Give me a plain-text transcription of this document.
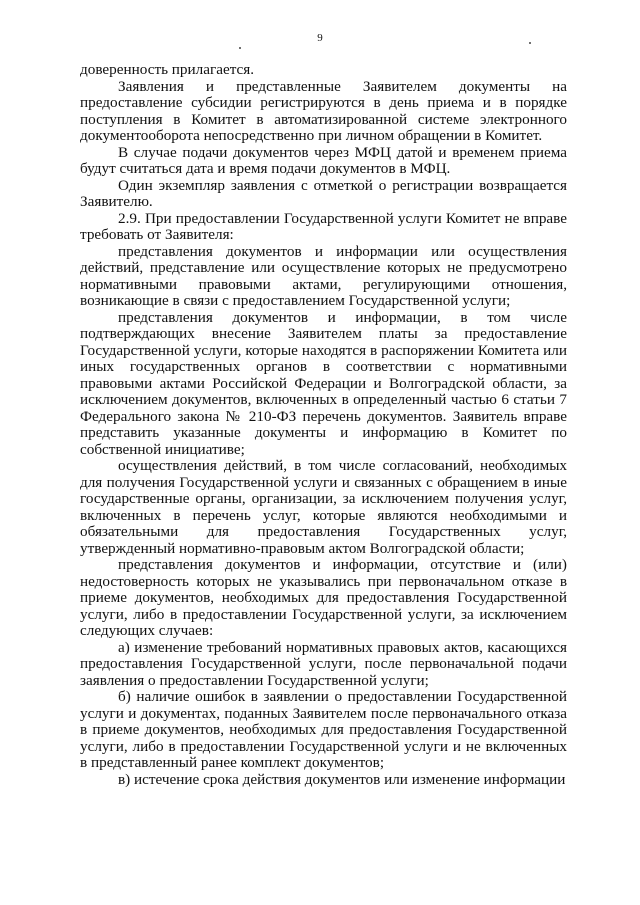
9

доверенность прилагается.

Заявления и представленные Заявителем документы на предоставление субсидии регистрируются в день приема и в порядке поступления в Комитет в автоматизированной системе электронного документооборота непосредственно при личном обращении в Комитет.

В случае подачи документов через МФЦ датой и временем приема будут считаться дата и время подачи документов в МФЦ.

Один экземпляр заявления с отметкой о регистрации возвращается Заявителю.

2.9. При предоставлении Государственной услуги Комитет не вправе требовать от Заявителя:

представления документов и информации или осуществления действий, представление или осуществление которых не предусмотрено нормативными правовыми актами, регулирующими отношения, возникающие в связи с предоставлением Государственной услуги;

представления документов и информации, в том числе подтверждающих внесение Заявителем платы за предоставление Государственной услуги, которые находятся в распоряжении Комитета или иных государственных органов в соответствии с нормативными правовыми актами Российской Федерации и Волгоградской области, за исключением документов, включенных в определенный частью 6 статьи 7 Федерального закона № 210-ФЗ перечень документов. Заявитель вправе представить указанные документы и информацию в Комитет по собственной инициативе;

осуществления действий, в том числе согласований, необходимых для получения Государственной услуги и связанных с обращением в иные государственные органы, организации, за исключением получения услуг, включенных в перечень услуг, которые являются необходимыми и обязательными для предоставления Государственных услуг, утвержденный нормативно-правовым актом Волгоградской области;

представления документов и информации, отсутствие и (или) недостоверность которых не указывались при первоначальном отказе в приеме документов, необходимых для предоставления Государственной услуги, либо в предоставлении Государственной услуги, за исключением следующих случаев:

а) изменение требований нормативных правовых актов, касающихся предоставления Государственной услуги, после первоначальной подачи заявления о предоставлении Государственной услуги;

б) наличие ошибок в заявлении о предоставлении Государственной услуги и документах, поданных Заявителем после первоначального отказа в приеме документов, необходимых для предоставления Государственной услуги, либо в предоставлении Государственной услуги и не включенных в представленный ранее комплект документов;

в) истечение срока действия документов или изменение информации
